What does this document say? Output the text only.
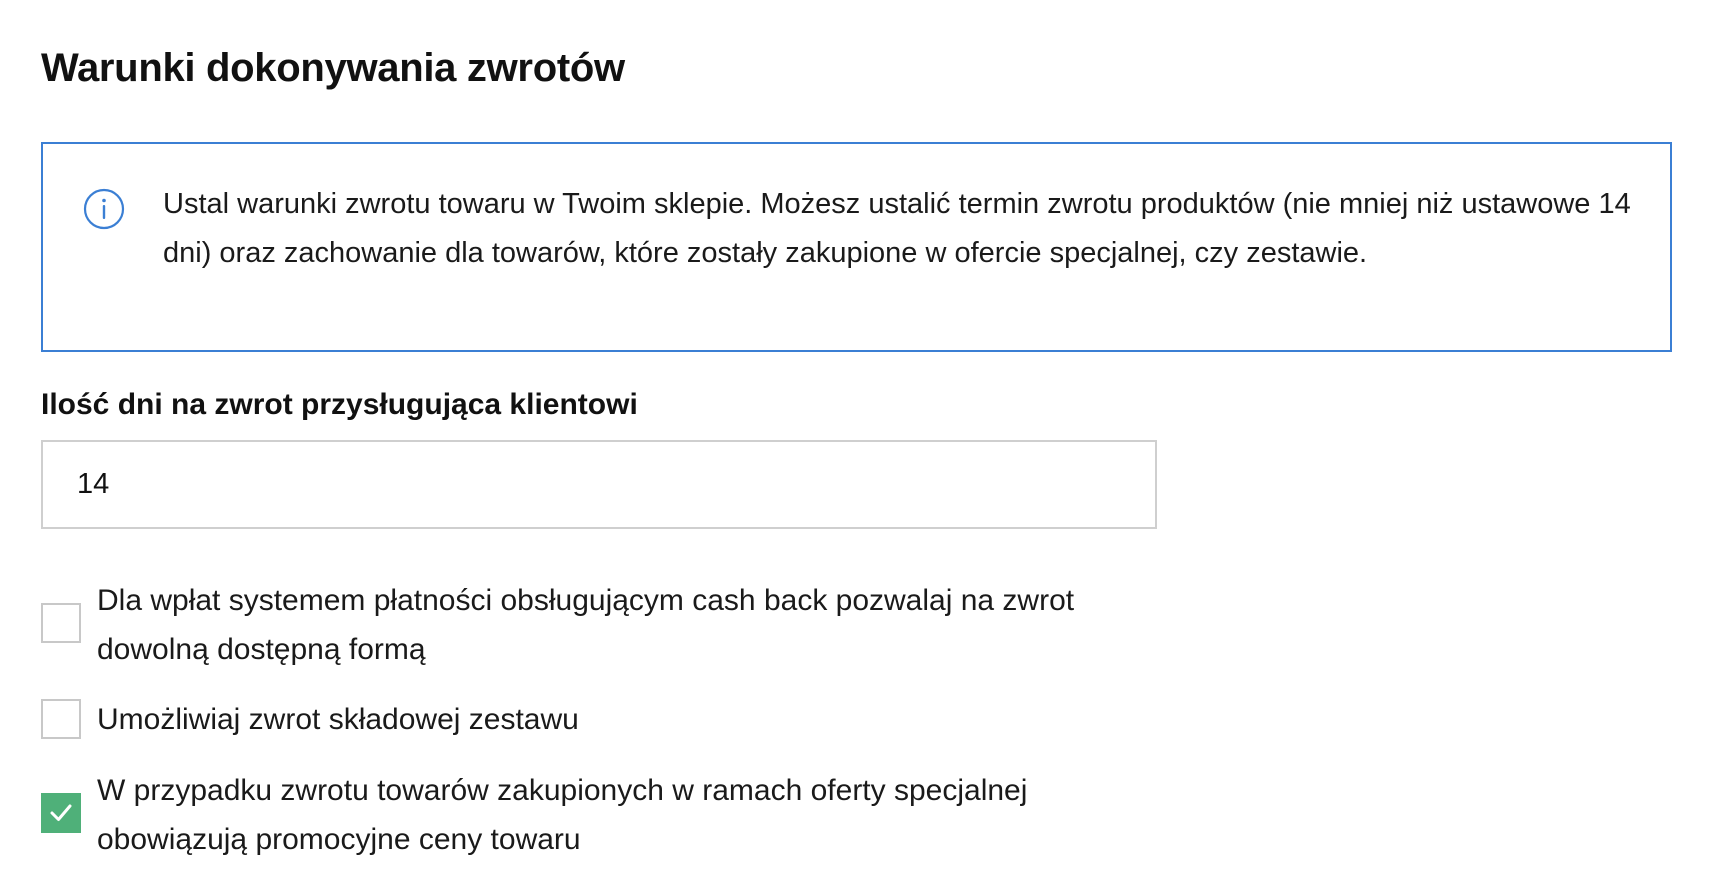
Warunki dokonywania zwrotów
Ustal warunki zwrotu towaru w Twoim sklepie. Możesz ustalić termin zwrotu produktów (nie mniej niż ustawowe 14 dni) oraz zachowanie dla towarów, które zostały zakupione w ofercie specjalnej, czy zestawie.
Ilość dni na zwrot przysługująca klientowi
14
Dla wpłat systemem płatności obsługującym cash back pozwalaj na zwrot dowolną dostępną formą
Umożliwiaj zwrot składowej zestawu
W przypadku zwrotu towarów zakupionych w ramach oferty specjalnej obowiązują promocyjne ceny towaru
